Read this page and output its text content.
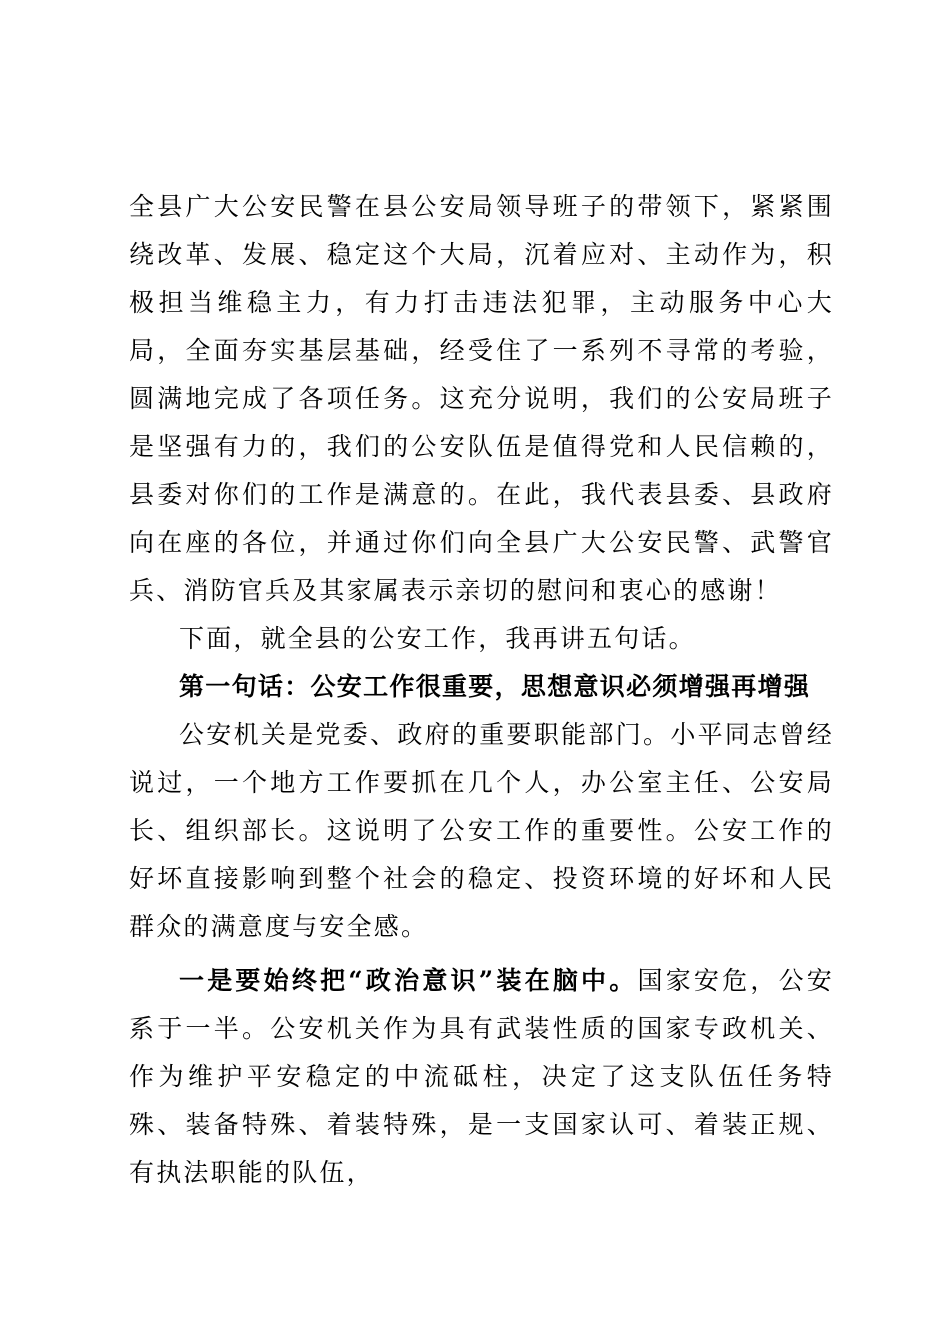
全县广大公安民警在县公安局领导班子的带领下，紧紧围绕改革、发展、稳定这个大局，沉着应对、主动作为，积极担当维稳主力，有力打击违法犯罪，主动服务中心大局，全面夯实基层基础，经受住了一系列不寻常的考验，圆满地完成了各项任务。这充分说明，我们的公安局班子是坚强有力的，我们的公安队伍是值得党和人民信赖的，县委对你们的工作是满意的。在此，我代表县委、县政府向在座的各位，并通过你们向全县广大公安民警、武警官兵、消防官兵及其家属表示亲切的慰问和衷心的感谢！

下面，就全县的公安工作，我再讲五句话。

第一句话：公安工作很重要，思想意识必须增强再增强

公安机关是党委、政府的重要职能部门。小平同志曾经说过，一个地方工作要抓在几个人，办公室主任、公安局长、组织部长。这说明了公安工作的重要性。公安工作的好坏直接影响到整个社会的稳定、投资环境的好坏和人民群众的满意度与安全感。

一是要始终把“政治意识”装在脑中。国家安危，公安系于一半。公安机关作为具有武装性质的国家专政机关、作为维护平安稳定的中流砥柱，决定了这支队伍任务特殊、装备特殊、着装特殊，是一支国家认可、着装正规、有执法职能的队伍，
